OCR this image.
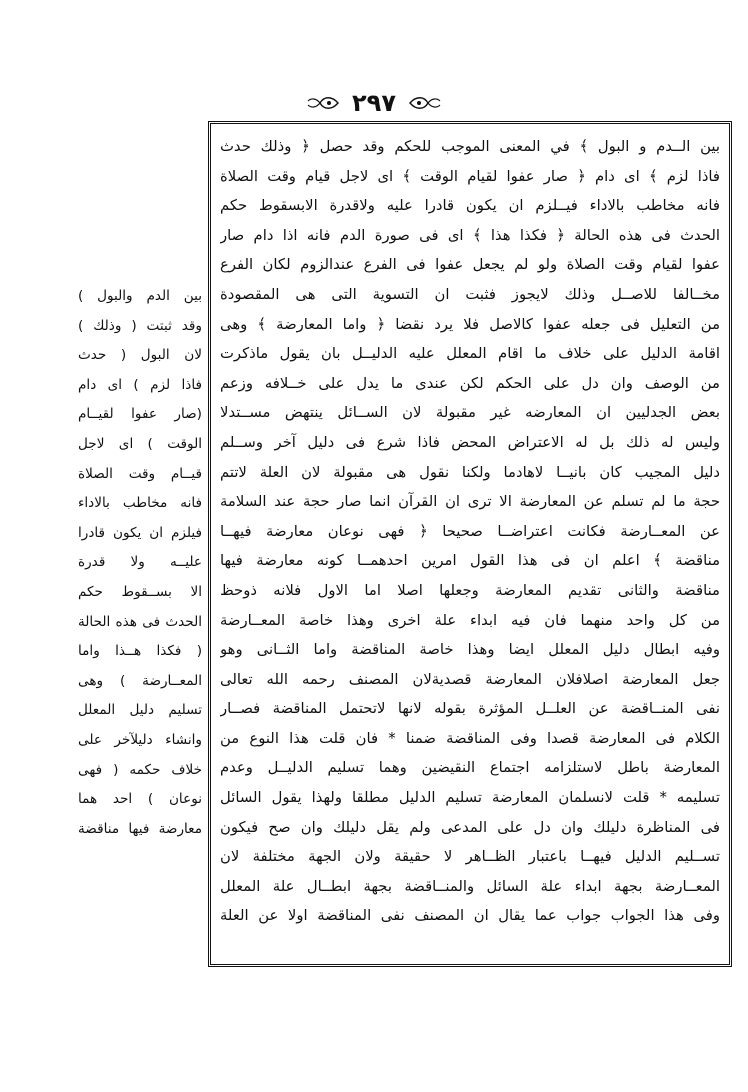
٢٩٧
بين الــدم و البول ﴾ في المعنى الموجب للحكم وقد حصل ﴿ وذلك حدث
فاذا لزم ﴾ اى دام ﴿ صار عفوا لقيام الوقت ﴾ اى لاجل قيام وقت الصلاة
فانه مخاطب بالاداء فيــلزم ان يكون قادرا عليه ولاقدرة الابسقوط حكم
الحدث فى هذه الحالة ﴿ فكذا هذا ﴾ اى فى صورة الدم فانه اذا دام صار
عفوا لقيام وقت الصلاة ولو لم يجعل عفوا فى الفرع عندالزوم لكان الفرع
مخــالفا للاصــل وذلك لايجوز فثبت ان التسوية التى هى المقصودة
من التعليل فى جعله عفوا كالاصل فلا يرد نقضا ﴿ واما المعارضة ﴾ وهى
اقامة الدليل على خلاف ما اقام المعلل عليه الدليــل بان يقول ماذكرت
من الوصف وان دل على الحكم لكن عندى ما يدل على خــلافه وزعم
بعض الجدليين ان المعارضه غير مقبولة لان الســائل ينتهض مســتدلا
وليس له ذلك بل له الاعتراض المحض فاذا شرع فى دليل آخر وســلم
دليل المجيب كان بانيــا لاهادما ولكنا نقول هى مقبولة لان العلة لاتتم
حجة ما لم تسلم عن المعارضة الا ترى ان القرآن انما صار حجة عند السلامة
عن المعــارضة فكانت اعتراضــا صحيحا ﴿ فهى نوعان معارضة فيهــا
مناقضة ﴾ اعلم ان فى هذا القول امرين احدهمــا كونه معارضة فيها
مناقضة والثانى تقديم المعارضة وجعلها اصلا اما الاول فلانه ذوحظ
من كل واحد منهما فان فيه ابداء علة اخرى وهذا خاصة المعــارضة
وفيه ابطال دليل المعلل ايضا وهذا خاصة المناقضة واما الثــانى وهو
جعل المعارضة اصلافلان المعارضة قصديةلان المصنف رحمه الله تعالى
نفى المنــاقضة عن العلــل المؤثرة بقوله لانها لاتحتمل المناقضة فصــار
الكلام فى المعارضة قصدا وفى المناقضة ضمنا * فان قلت هذا النوع من
المعارضة باطل لاستلزامه اجتماع النقيضين وهما تسليم الدليــل وعدم
تسليمه * قلت لانسلمان المعارضة تسليم الدليل مطلقا ولهذا يقول السائل
فى المناظرة دليلك وان دل على المدعى ولم يقل دليلك وان صح فيكون
تســليم الدليل فيهــا باعتبار الظــاهر لا حقيقة ولان الجهة مختلفة لان
المعــارضة بجهة ابداء علة السائل والمنــاقضة بجهة ابطــال علة المعلل
وفى هذا الجواب جواب عما يقال ان المصنف نفى المناقضة اولا عن العلة
بين الدم والبول )
وقد ثبتت ( وذلك )
لان البول ( حدث
فاذا لزم ) اى دام
(صار عفوا لقيــام
الوقت ) اى لاجل
قيــام وقت الصلاة
فانه مخاطب بالاداء
فيلزم ان يكون قادرا
عليــه ولا قدرة
الا بســقوط حكم
الحدث فى هذه الحالة
( فكذا هــذا واما
المعــارضة ) وهى
تسليم دليل المعلل
وانشاء دليلآخر على
خلاف حكمه ( فهى
نوعان ) احد هما
معارضة فيها مناقضة
